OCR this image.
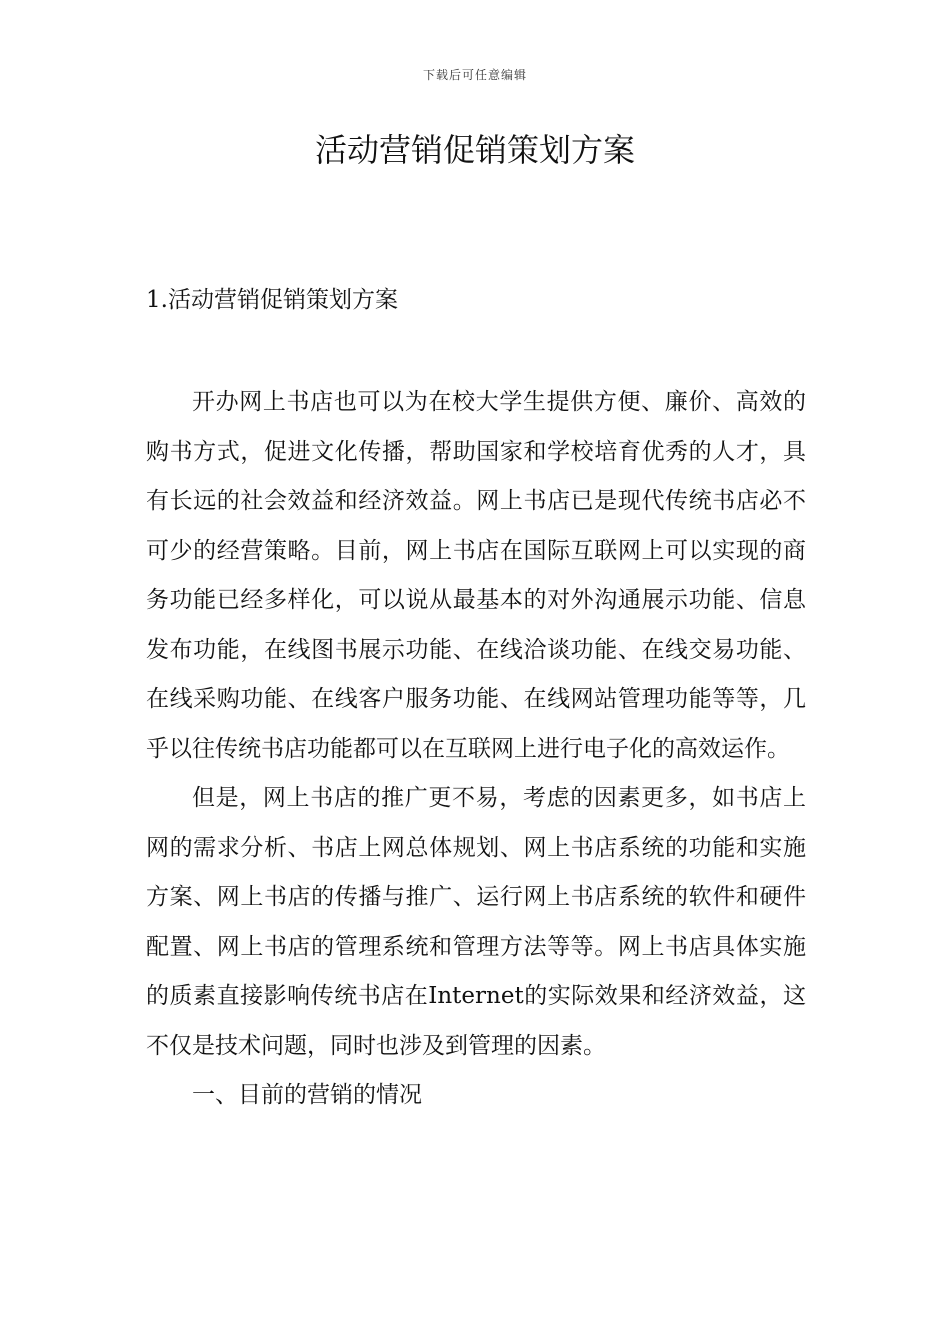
下载后可任意编辑
活动营销促销策划方案
1.活动营销促销策划方案

开办网上书店也可以为在校大学生提供方便、廉价、高效的购书方式，促进文化传播，帮助国家和学校培育优秀的人才，具有长远的社会效益和经济效益。网上书店已是现代传统书店必不可少的经营策略。目前，网上书店在国际互联网上可以实现的商务功能已经多样化，可以说从最基本的对外沟通展示功能、信息发布功能，在线图书展示功能、在线洽谈功能、在线交易功能、在线采购功能、在线客户服务功能、在线网站管理功能等等，几乎以往传统书店功能都可以在互联网上进行电子化的高效运作。

但是，网上书店的推广更不易，考虑的因素更多，如书店上网的需求分析、书店上网总体规划、网上书店系统的功能和实施方案、网上书店的传播与推广、运行网上书店系统的软件和硬件配置、网上书店的管理系统和管理方法等等。网上书店具体实施的质素直接影响传统书店在Internet的实际效果和经济效益，这不仅是技术问题，同时也涉及到管理的因素。

一、目前的营销的情况
